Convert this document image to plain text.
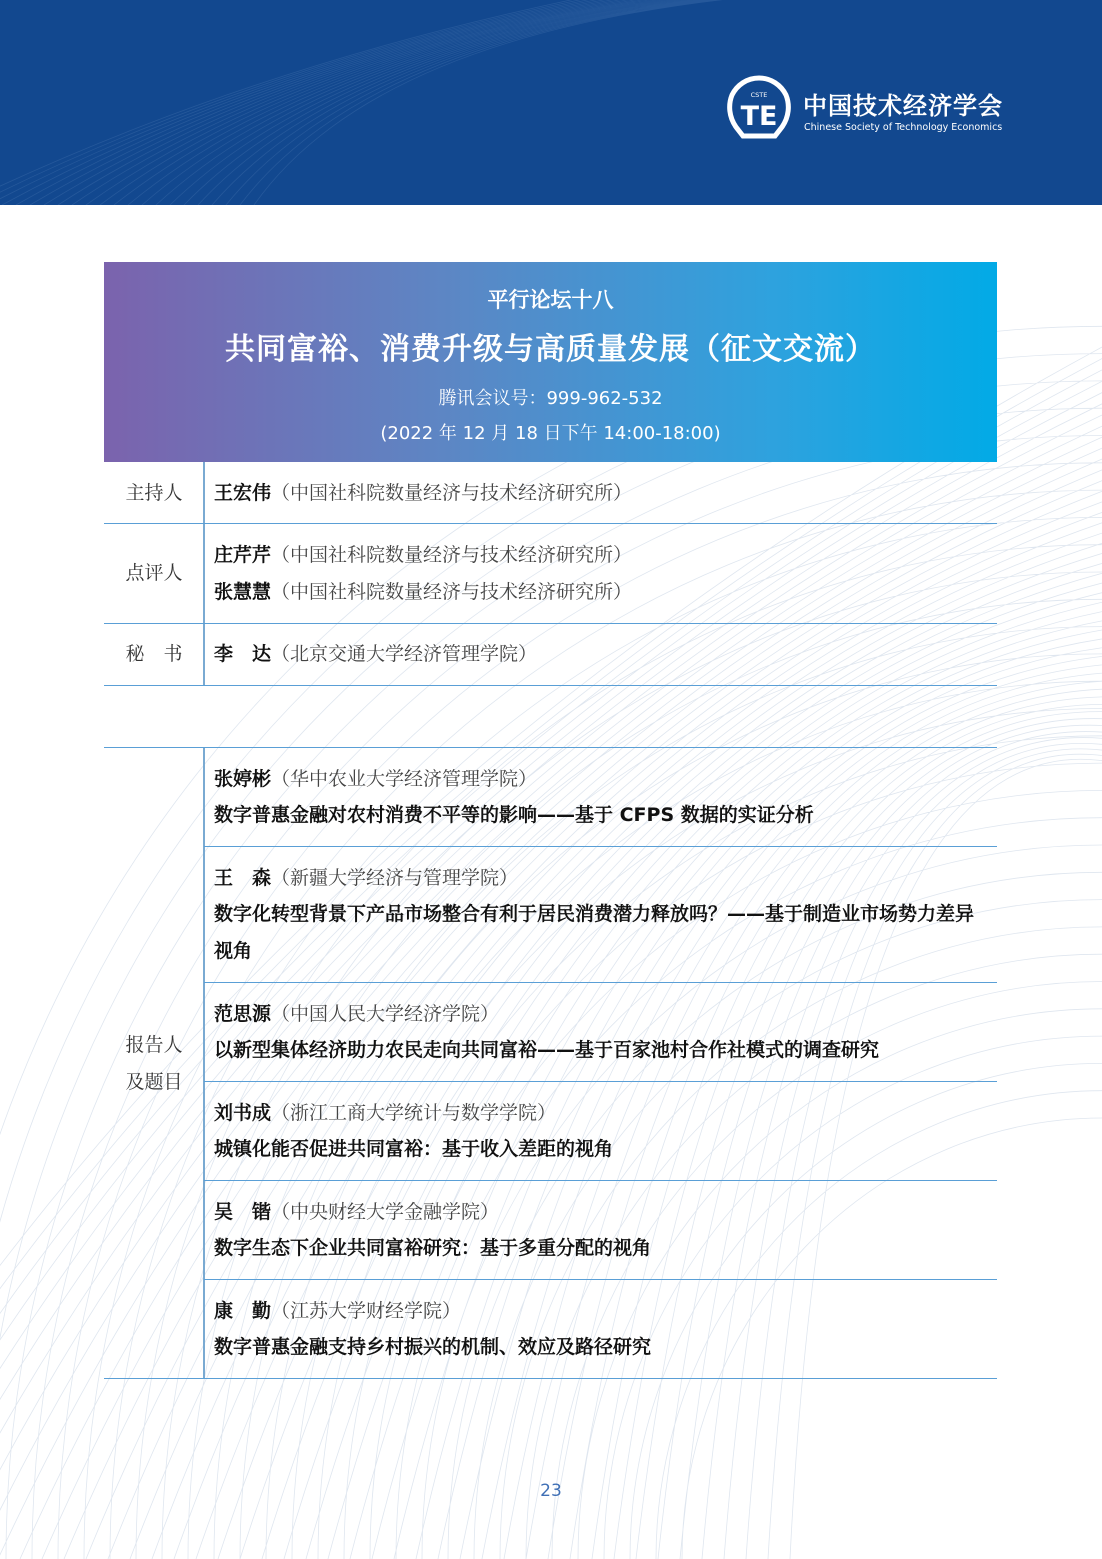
CSTE
TE 中国技术经济学会
Chinese Society of Technology Economics
平行论坛十八
共同富裕、消费升级与高质量发展（征文交流）
腾讯会议号：999-962-532
(2022 年 12 月 18 日下午 14:00-18:00)
主持人	王宏伟（中国社科院数量经济与技术经济研究所）
点评人
庄芹芹（中国社科院数量经济与技术经济研究所）
张慧慧（中国社科院数量经济与技术经济研究所）
秘　书	李　达（北京交通大学经济管理学院）
报告人
及题目
张婷彬（华中农业大学经济管理学院）
数字普惠金融对农村消费不平等的影响——基于 CFPS 数据的实证分析
王　森（新疆大学经济与管理学院）
数字化转型背景下产品市场整合有利于居民消费潜力释放吗？——基于制造业市场势力差异视角
范思源（中国人民大学经济学院）
以新型集体经济助力农民走向共同富裕——基于百家池村合作社模式的调查研究
刘书成（浙江工商大学统计与数学学院）
城镇化能否促进共同富裕：基于收入差距的视角
吴　锴（中央财经大学金融学院）
数字生态下企业共同富裕研究：基于多重分配的视角
康　勤（江苏大学财经学院）
数字普惠金融支持乡村振兴的机制、效应及路径研究
23
